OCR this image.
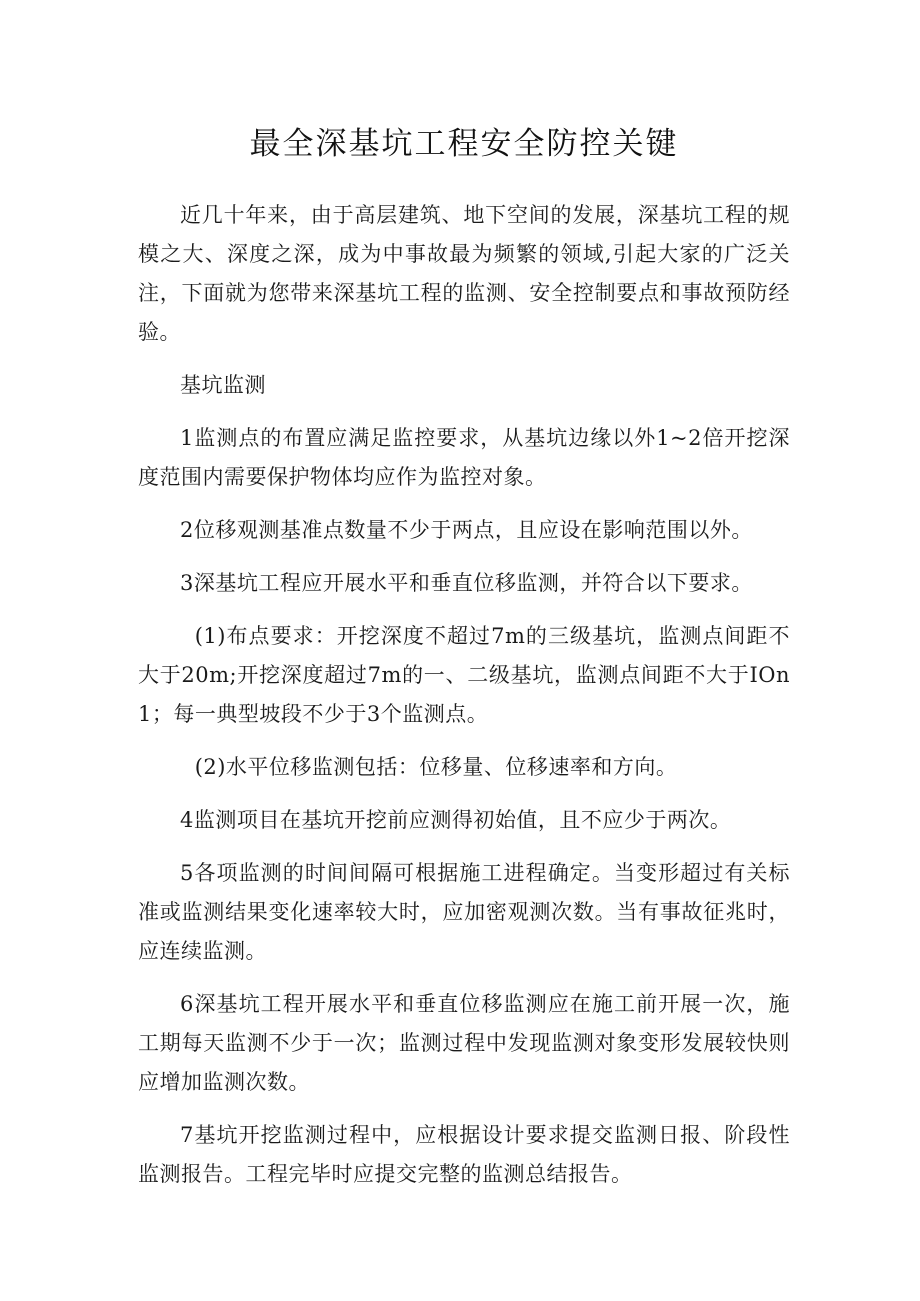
最全深基坑工程安全防控关键

近几十年来，由于高层建筑、地下空间的发展，深基坑工程的规模之大、深度之深，成为中事故最为频繁的领域,引起大家的广泛关注，下面就为您带来深基坑工程的监测、安全控制要点和事故预防经验。

基坑监测

1监测点的布置应满足监控要求，从基坑边缘以外1~2倍开挖深度范围内需要保护物体均应作为监控对象。

2位移观测基准点数量不少于两点，且应设在影响范围以外。

3深基坑工程应开展水平和垂直位移监测，并符合以下要求。

(1)布点要求：开挖深度不超过7m的三级基坑，监测点间距不大于20m;开挖深度超过7m的一、二级基坑，监测点间距不大于IOn1；每一典型坡段不少于3个监测点。

(2)水平位移监测包括：位移量、位移速率和方向。

4监测项目在基坑开挖前应测得初始值，且不应少于两次。

5各项监测的时间间隔可根据施工进程确定。当变形超过有关标准或监测结果变化速率较大时，应加密观测次数。当有事故征兆时，应连续监测。

6深基坑工程开展水平和垂直位移监测应在施工前开展一次，施工期每天监测不少于一次；监测过程中发现监测对象变形发展较快则应增加监测次数。

7基坑开挖监测过程中，应根据设计要求提交监测日报、阶段性监测报告。工程完毕时应提交完整的监测总结报告。
